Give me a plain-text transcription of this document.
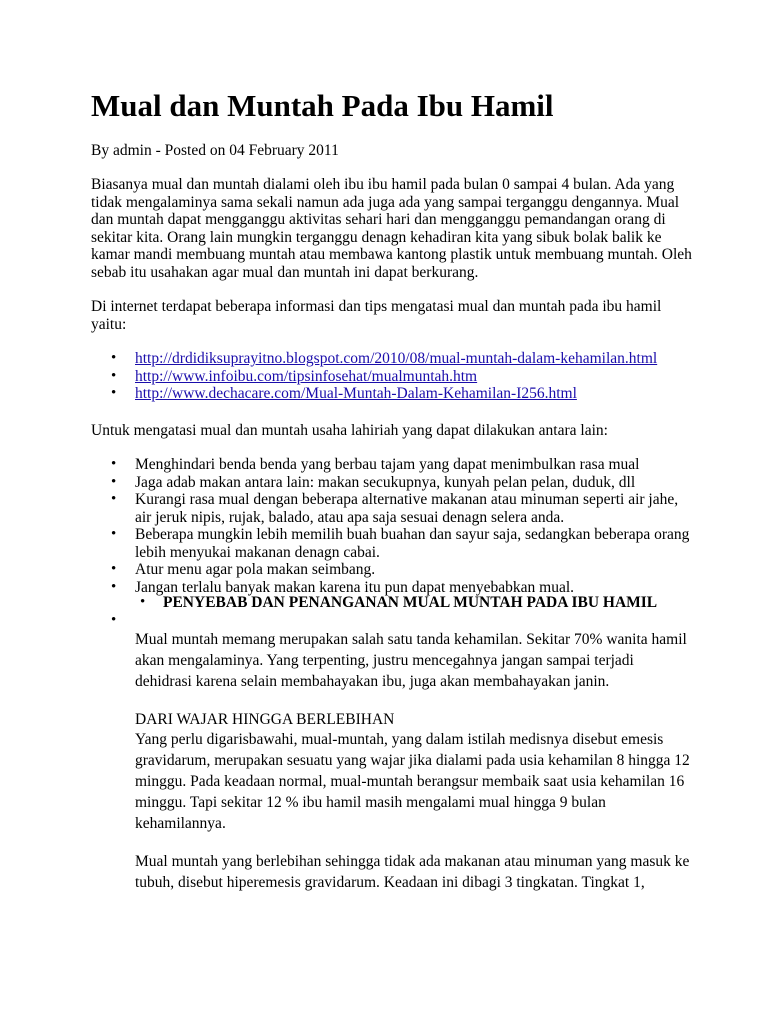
Mual dan Muntah Pada Ibu Hamil
By admin - Posted on 04 February 2011
Biasanya mual dan muntah dialami oleh ibu ibu hamil pada bulan 0 sampai 4 bulan. Ada yang
tidak mengalaminya sama sekali namun ada juga ada yang sampai terganggu dengannya. Mual
dan muntah dapat mengganggu aktivitas sehari hari dan mengganggu pemandangan orang di
sekitar kita. Orang lain mungkin terganggu denagn kehadiran kita yang sibuk bolak balik ke
kamar mandi membuang muntah atau membawa kantong plastik untuk membuang muntah. Oleh
sebab itu usahakan agar mual dan muntah ini dapat berkurang.
Di internet terdapat beberapa informasi dan tips mengatasi mual dan muntah pada ibu hamil
yaitu:
• http://drdidiksuprayitno.blogspot.com/2010/08/mual-muntah-dalam-kehamilan.html
• http://www.infoibu.com/tipsinfosehat/mualmuntah.htm
• http://www.dechacare.com/Mual-Muntah-Dalam-Kehamilan-I256.html
Untuk mengatasi mual dan muntah usaha lahiriah yang dapat dilakukan antara lain:
• Menghindari benda benda yang berbau tajam yang dapat menimbulkan rasa mual
• Jaga adab makan antara lain: makan secukupnya, kunyah pelan pelan, duduk, dll
• Kurangi rasa mual dengan beberapa alternative makanan atau minuman seperti air jahe,
air jeruk nipis, rujak, balado, atau apa saja sesuai denagn selera anda.
• Beberapa mungkin lebih memilih buah buahan dan sayur saja, sedangkan beberapa orang
lebih menyukai makanan denagn cabai.
• Atur menu agar pola makan seimbang.
• Jangan terlalu banyak makan karena itu pun dapat menyebabkan mual.
• PENYEBAB DAN PENANGANAN MUAL MUNTAH PADA IBU HAMIL
•

Mual muntah memang merupakan salah satu tanda kehamilan. Sekitar 70% wanita hamil
akan mengalaminya. Yang terpenting, justru mencegahnya jangan sampai terjadi
dehidrasi karena selain membahayakan ibu, juga akan membahayakan janin.
DARI WAJAR HINGGA BERLEBIHAN
Yang perlu digarisbawahi, mual-muntah, yang dalam istilah medisnya disebut emesis
gravidarum, merupakan sesuatu yang wajar jika dialami pada usia kehamilan 8 hingga 12
minggu. Pada keadaan normal, mual-muntah berangsur membaik saat usia kehamilan 16
minggu. Tapi sekitar 12 % ibu hamil masih mengalami mual hingga 9 bulan
kehamilannya.
Mual muntah yang berlebihan sehingga tidak ada makanan atau minuman yang masuk ke
tubuh, disebut hiperemesis gravidarum. Keadaan ini dibagi 3 tingkatan. Tingkat 1,
